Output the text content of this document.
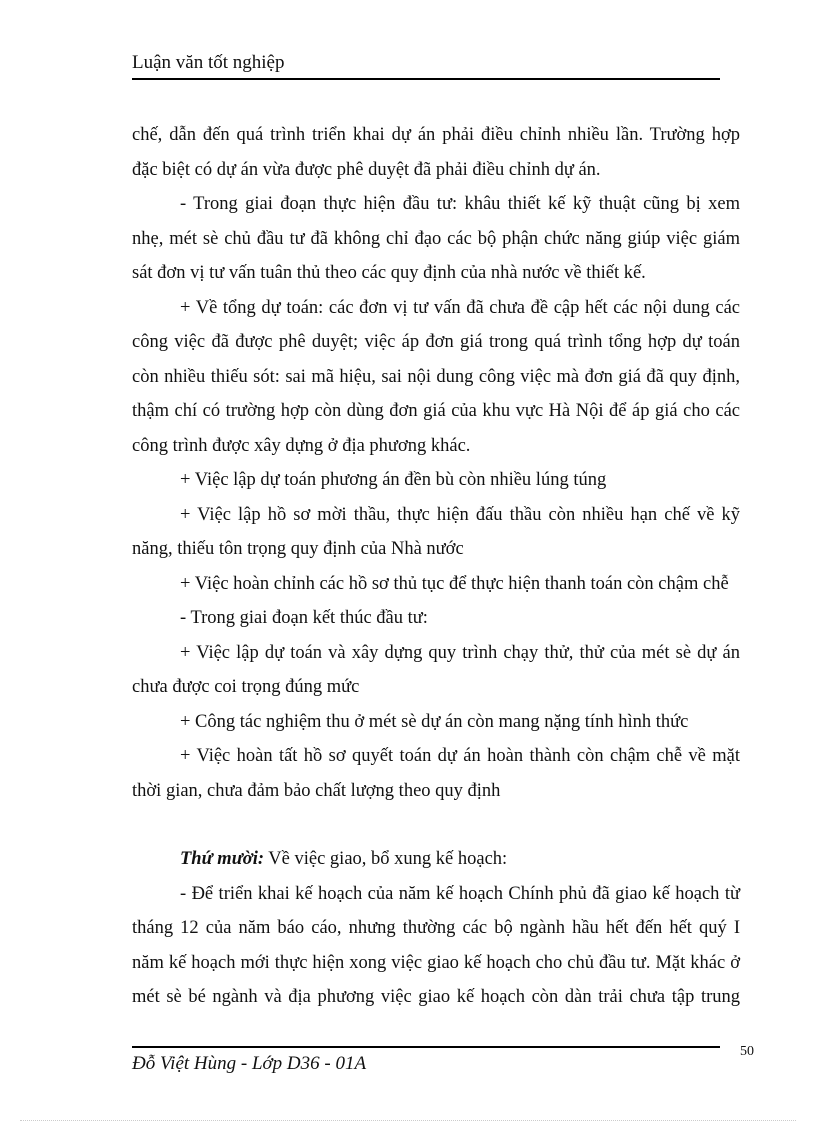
Luận văn tốt nghiệp
chế, dẫn đến quá trình triển khai dự án phải điều chỉnh nhiều lần. Trường hợp
đặc biệt có dự án vừa được phê duyệt đã phải điều chỉnh dự án.
- Trong giai đoạn thực hiện đầu tư: khâu thiết kế kỹ thuật cũng bị xem
nhẹ, mét sè chủ đầu tư đã không chỉ đạo các bộ phận chức năng giúp việc giám
sát đơn vị tư vấn tuân thủ theo các quy định của nhà nước về thiết kế.
+ Về tổng dự toán: các đơn vị tư vấn đã chưa đề cập hết các nội dung các
công việc đã được phê duyệt; việc áp đơn giá trong quá trình tổng hợp dự toán
còn nhiều thiếu sót: sai mã hiệu, sai nội dung công việc mà đơn giá đã quy định,
thậm chí có trường hợp còn dùng đơn giá của khu vực Hà Nội để áp giá cho các
công trình được xây dựng ở địa phương khác.
+ Việc lập dự toán phương án đền bù còn nhiều lúng túng
+ Việc lập hồ sơ mời thầu, thực hiện đấu thầu còn nhiều hạn chế về kỹ
năng, thiếu tôn trọng quy định của Nhà nước
+ Việc hoàn chỉnh các hồ sơ thủ tục để thực hiện thanh toán còn chậm chễ
- Trong giai đoạn kết thúc đầu tư:
+ Việc lập dự toán và xây dựng quy trình chạy thử, thử của mét sè dự án
chưa được coi trọng đúng mức
+ Công tác nghiệm thu ở mét sè dự án còn mang nặng tính hình thức
+ Việc hoàn tất hồ sơ quyết toán dự án hoàn thành còn chậm chễ về mặt
thời gian, chưa đảm bảo chất lượng theo quy định
Thứ mười: Về việc giao, bổ xung kế hoạch:
- Để triển khai kế hoạch của năm kế hoạch Chính phủ đã giao kế hoạch từ
tháng 12 của năm báo cáo, nhưng thường các bộ ngành hầu hết đến hết quý I
năm kế hoạch mới thực hiện xong việc giao kế hoạch cho chủ đầu tư. Mặt khác ở
mét sè bé ngành và địa phương việc giao kế hoạch còn dàn trải chưa tập trung
Đỗ Việt Hùng - Lớp D36 - 01A
50
